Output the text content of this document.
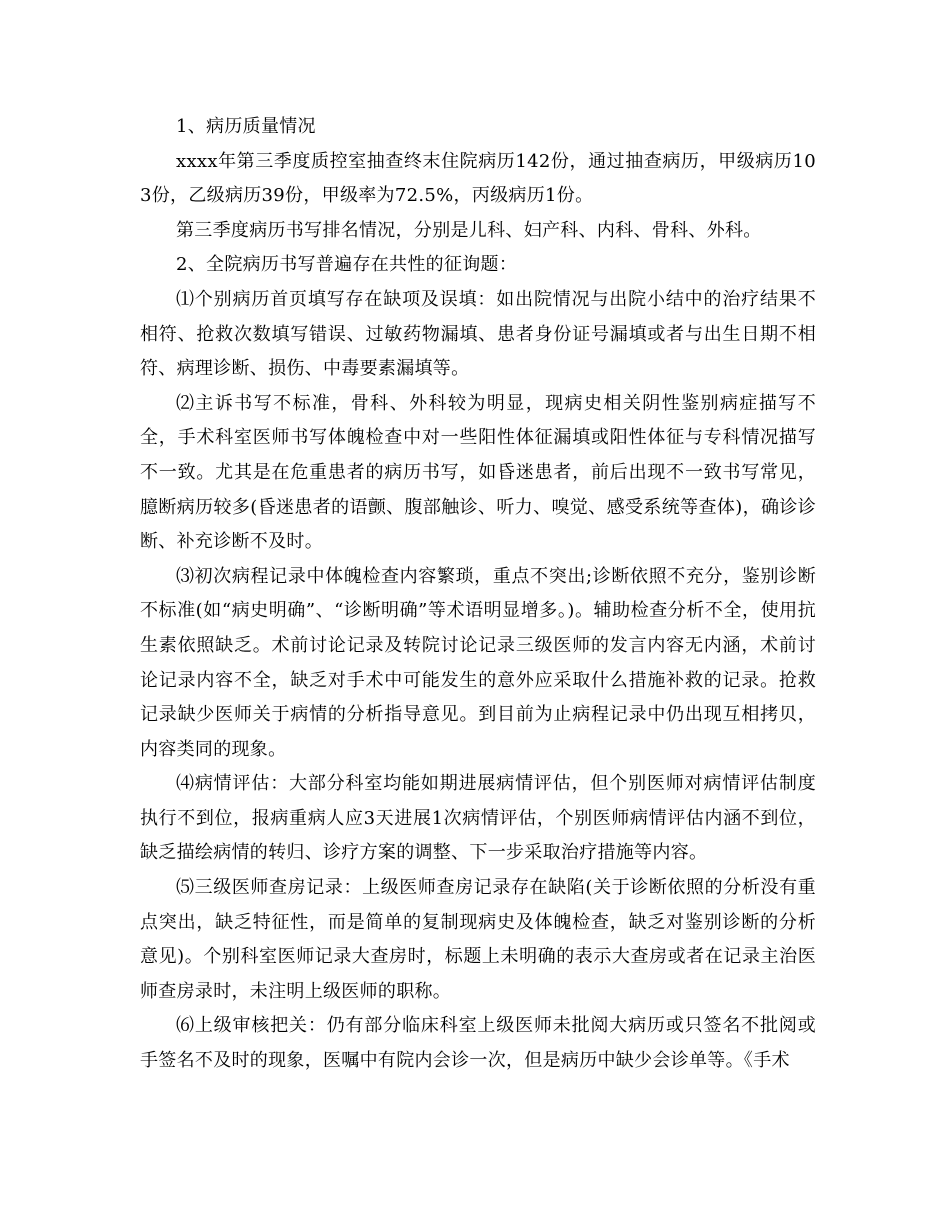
1、病历质量情况

xxxx年第三季度质控室抽查终末住院病历142份，通过抽查病历，甲级病历103份，乙级病历39份，甲级率为72.5%，丙级病历1份。

第三季度病历书写排名情况，分别是儿科、妇产科、内科、骨科、外科。

2、全院病历书写普遍存在共性的征询题：

⑴个别病历首页填写存在缺项及误填：如出院情况与出院小结中的治疗结果不相符、抢救次数填写错误、过敏药物漏填、患者身份证号漏填或者与出生日期不相符、病理诊断、损伤、中毒要素漏填等。

⑵主诉书写不标准，骨科、外科较为明显，现病史相关阴性鉴别病症描写不全，手术科室医师书写体魄检查中对一些阳性体征漏填或阳性体征与专科情况描写不一致。尤其是在危重患者的病历书写，如昏迷患者，前后出现不一致书写常见，臆断病历较多(昏迷患者的语颤、腹部触诊、听力、嗅觉、感受系统等查体)，确诊诊断、补充诊断不及时。

⑶初次病程记录中体魄检查内容繁琐，重点不突出;诊断依照不充分，鉴别诊断不标准(如“病史明确”、“诊断明确”等术语明显增多。)。辅助检查分析不全，使用抗生素依照缺乏。术前讨论记录及转院讨论记录三级医师的发言内容无内涵，术前讨论记录内容不全，缺乏对手术中可能发生的意外应采取什么措施补救的记录。抢救记录缺少医师关于病情的分析指导意见。到目前为止病程记录中仍出现互相拷贝，内容类同的现象。

⑷病情评估：大部分科室均能如期进展病情评估，但个别医师对病情评估制度执行不到位，报病重病人应3天进展1次病情评估，个别医师病情评估内涵不到位，缺乏描绘病情的转归、诊疗方案的调整、下一步采取治疗措施等内容。

⑸三级医师查房记录：上级医师查房记录存在缺陷(关于诊断依照的分析没有重点突出，缺乏特征性，而是简单的复制现病史及体魄检查，缺乏对鉴别诊断的分析意见)。个别科室医师记录大查房时，标题上未明确的表示大查房或者在记录主治医师查房录时，未注明上级医师的职称。

⑹上级审核把关：仍有部分临床科室上级医师未批阅大病历或只签名不批阅或手签名不及时的现象，医嘱中有院内会诊一次，但是病历中缺少会诊单等。《手术
